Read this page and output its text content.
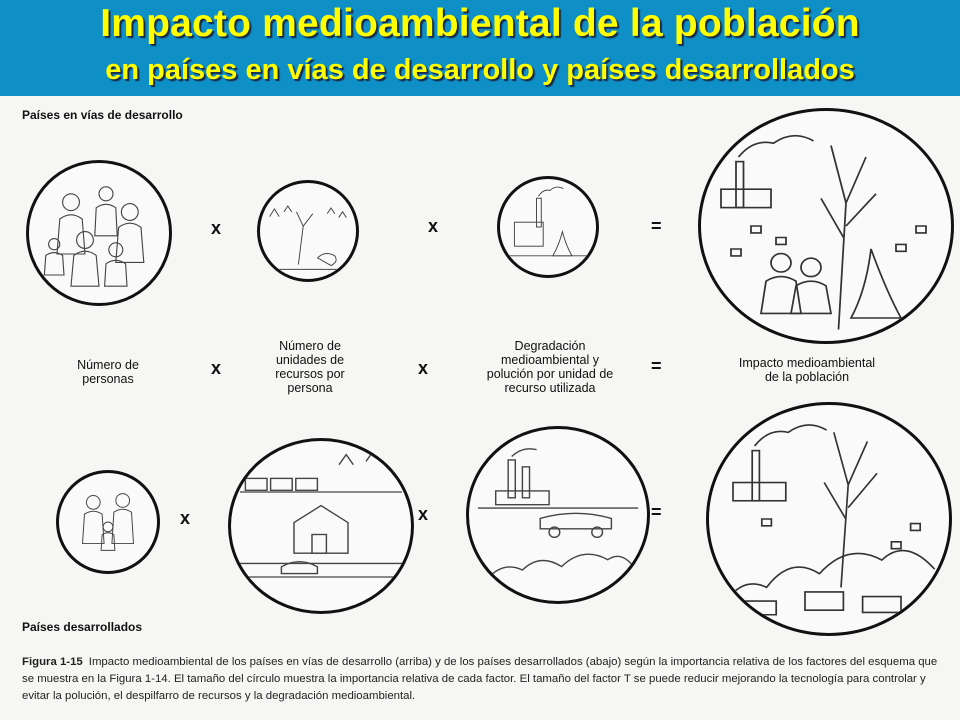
Impacto medioambiental de la población
en países en vías de desarrollo y países desarrollados
Países en vías de desarrollo
Países desarrollados
x	x	=
Número de personas
x
Número de unidades de recursos por persona
x
Degradación medioambiental y polución por unidad de recurso utilizada
=	Impacto medioambiental de la población
x	x	=
Figura 1-15 Impacto medioambiental de los países en vías de desarrollo (arriba) y de los países desarrollados (abajo) según la importancia relativa de los factores del esquema que se muestra en la Figura 1-14. El tamaño del círculo muestra la importancia relativa de cada factor. El tamaño del factor T se puede reducir mejorando la tecnología para controlar y evitar la polución, el despilfarro de recursos y la degradación medioambiental.
